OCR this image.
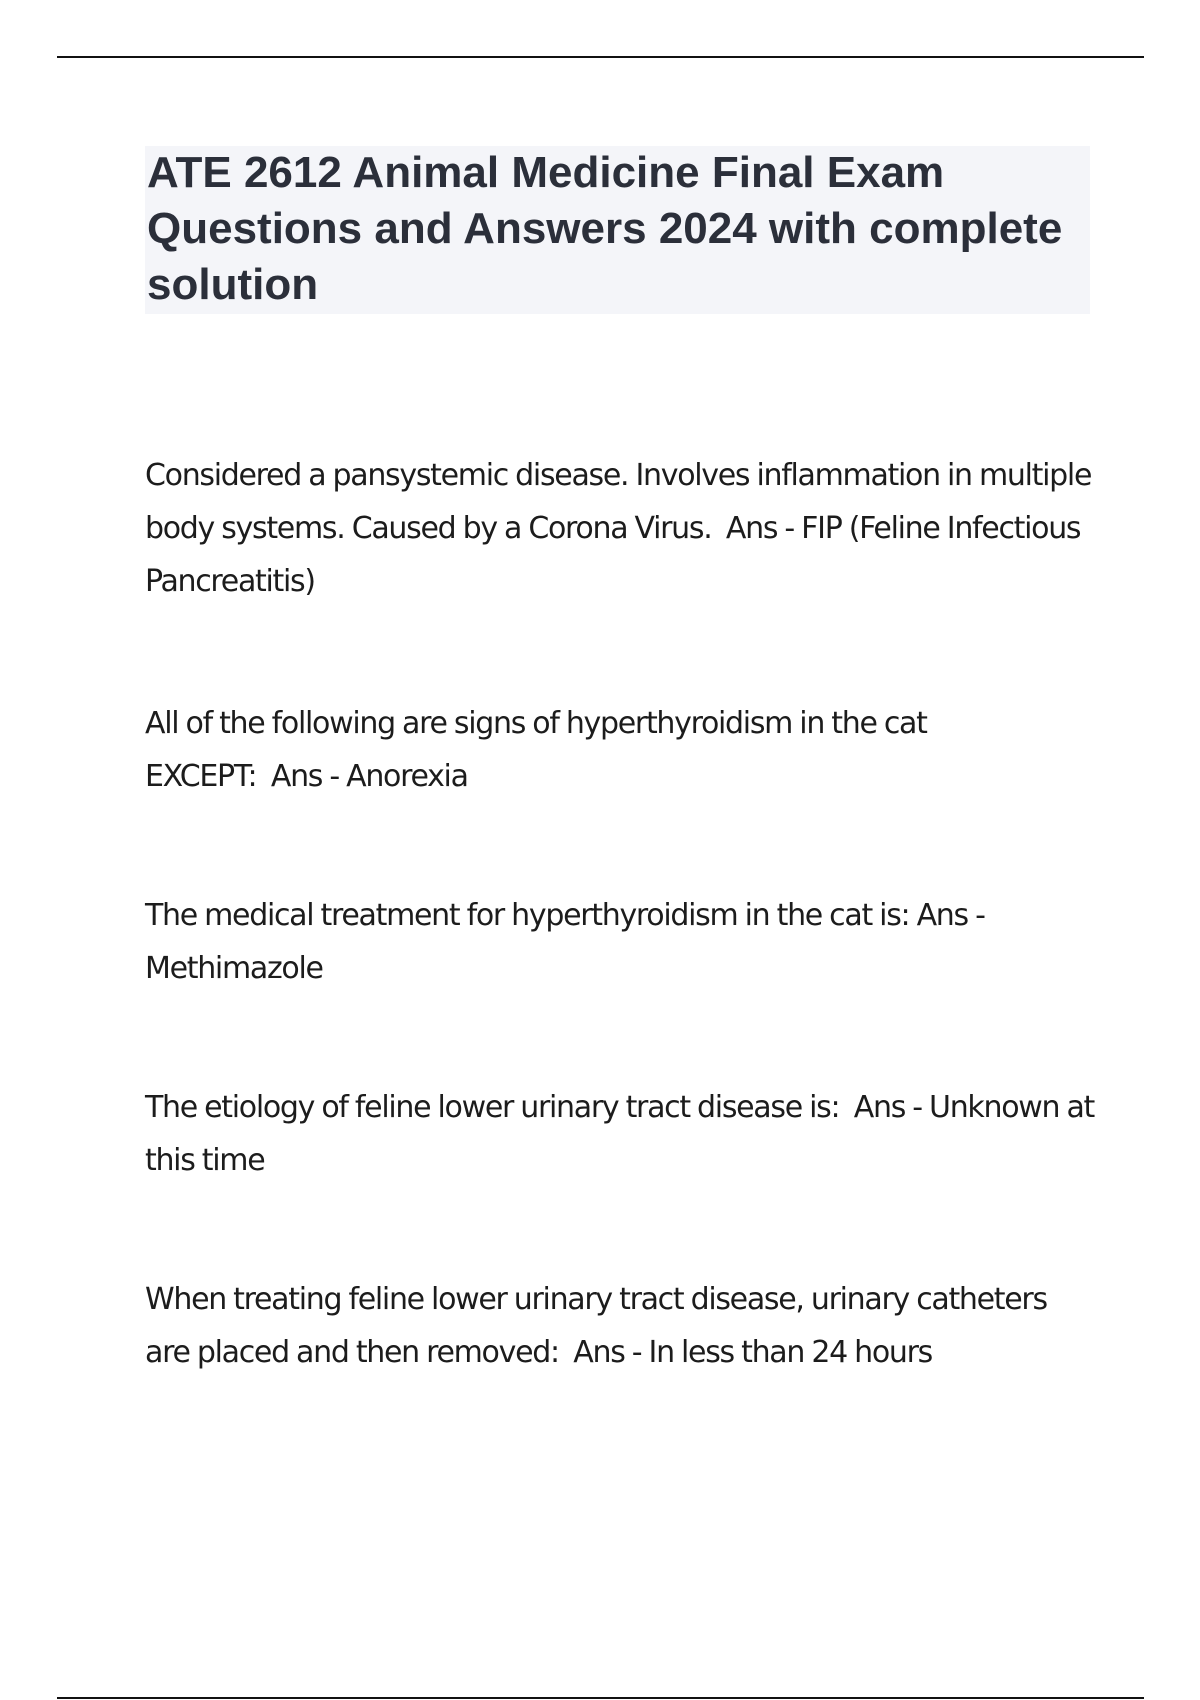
ATE 2612 Animal Medicine Final Exam Questions and Answers 2024 with complete solution

Considered a pansystemic disease. Involves inflammation in multiple body systems. Caused by a Corona Virus. Ans - FIP (Feline Infectious Pancreatitis)

All of the following are signs of hyperthyroidism in the cat EXCEPT: Ans - Anorexia

The medical treatment for hyperthyroidism in the cat is: Ans - Methimazole

The etiology of feline lower urinary tract disease is: Ans - Unknown at this time

When treating feline lower urinary tract disease, urinary catheters are placed and then removed: Ans - In less than 24 hours
